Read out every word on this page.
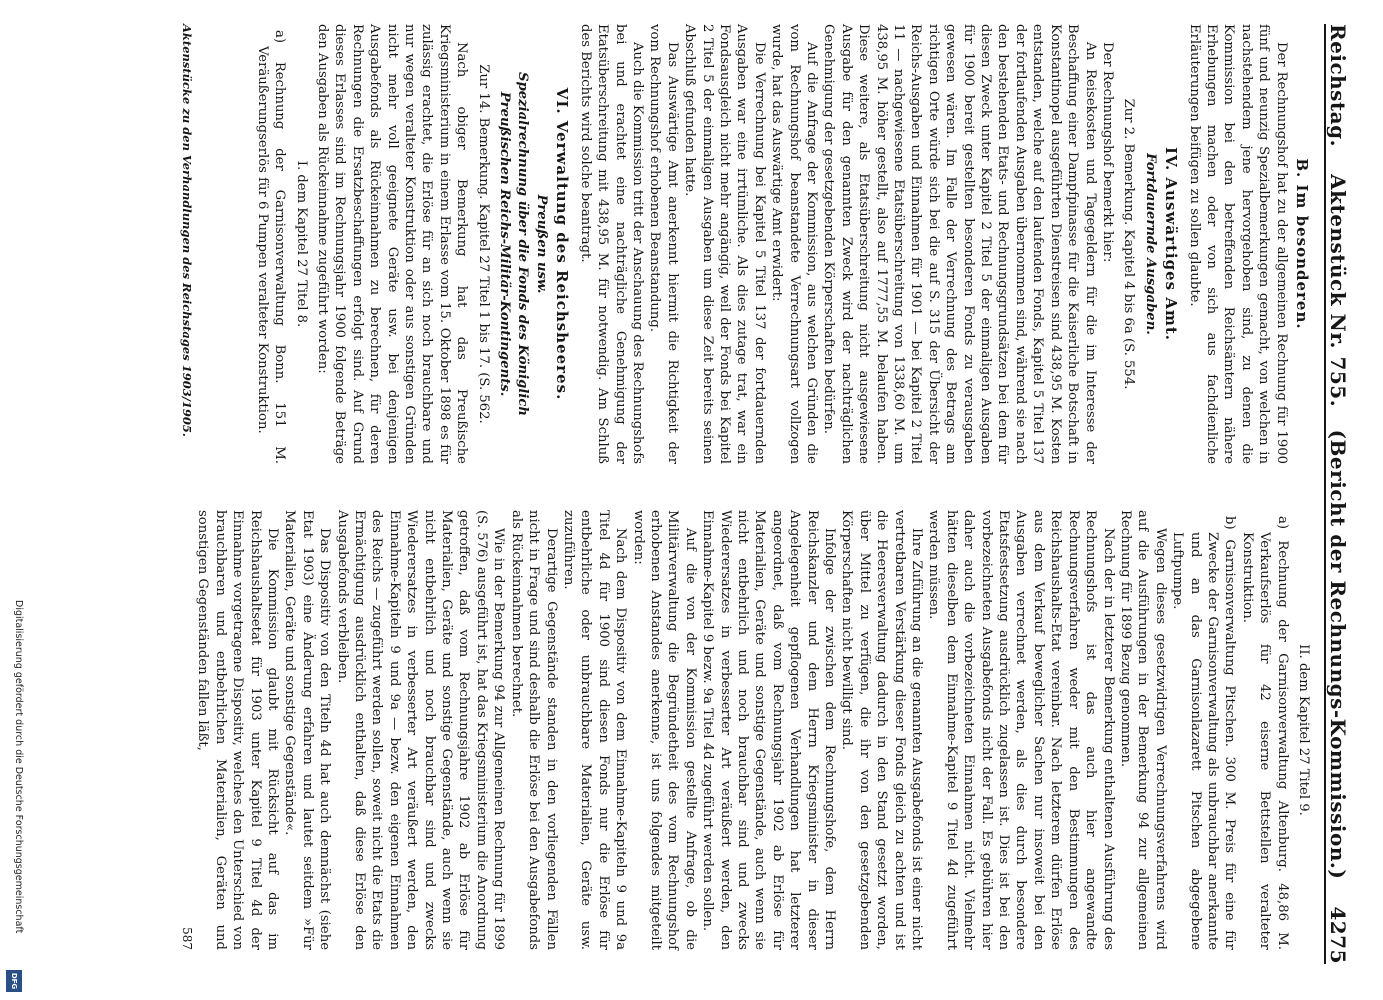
Reichstag.
Aktenstück Nr. 755.   (Bericht der Rechnungs-Kommission.)
4275
B. Im besonderen.

Der Rechnungshof hat zu der allgemeinen Rechnung für 1900 fünf und neunzig Spezialbemerkungen gemacht, von welchen in nachstehendem jene hervorgehoben sind, zu denen die Kommission bei den betreffenden Reichsämtern nähere Erhebungen machen oder von sich aus fachdienliche Erläuterungen beifügen zu sollen glaubte.

IV. Auswärtiges Amt.
Fortdauernde Ausgaben.

Zur 2. Bemerkung. Kapitel 4 bis 6a (S. 554.

Der Rechnungshof bemerkt hier:

An Reisekosten und Tagegeldern für die im Interesse der Beschaffung einer Dampfpinasse für die Kaiserliche Botschaft in Konstantinopel ausgeführten Dienstreisen sind 438,95 M. Kosten entstanden, welche auf den laufenden Fonds, Kapitel 5 Titel 137 der fortlaufenden Ausgaben übernommen sind, während sie nach den bestehenden Etats- und Rechnungsgrundsätzen bei dem für diesen Zweck unter Kapitel 2 Titel 5 der einmaligen Ausgaben für 1900 bereit gestellten besonderen Fonds zu verausgaben gewesen wären. Im Falle der Verrechnung des Betrags am richtigen Orte würde sich bei die auf S. 315 der Übersicht der Reichs-Ausgaben und Einnahmen für 1901 — bei Kapitel 2 Titel 11 — nachgewiesene Etatsüberschreitung von 1338,60 M. um 438,95 M. höher gestellt, also auf 1777,55 M. belaufen haben. Diese weitere, als Etatsüberschreitung nicht ausgewiesene Ausgabe für den genannten Zweck wird der nachträglichen Genehmigung der gesetzgebenden Körperschaften bedürfen.

Auf die Anfrage der Kommission, aus welchen Gründen die vom Rechnungshof beanstandete Verrechnungsart vollzogen wurde, hat das Auswärtige Amt erwidert:

Die Verrechnung bei Kapitel 5 Titel 137 der fortdauernden Ausgaben war eine irrtümliche. Als dies zutage trat, war ein Fondsausgleich nicht mehr angängig, weil der Fonds bei Kapitel 2 Titel 5 der einmaligen Ausgaben um diese Zeit bereits seinen Abschluß gefunden hatte.

Das Auswärtige Amt anerkennt hiermit die Richtigkeit der vom Rechnungshof erhobenen Beanstandung.

Auch die Kommission tritt der Anschauung des Rechnungshofs bei und erachtet eine nachträgliche Genehmigung der Etatsüberschreitung mit 438,95 M. für notwendig. Am Schluß des Berichts wird solche beantragt.

VI. Verwaltung des Reichsheeres.
Preußen usw.
Spezialrechnung über die Fonds des Königlich Preußischen Reichs-Militär-Kontingents.

Zur 14. Bemerkung. Kapitel 27 Titel 1 bis 17. (S. 562.

Nach obiger Bemerkung hat das Preußische Kriegsministerium in einem Erlasse vom 15. Oktober 1898 es für zulässig erachtet, die Erlöse für an sich noch brauchbare und nur wegen veralteter Konstruktion oder aus sonstigen Gründen nicht mehr voll geeignete Geräte usw. bei denjenigen Ausgabefonds als Rückeinnahmen zu berechnen, für deren Rechnungen die Ersatzbeschaffungen erfolgt sind. Auf Grund dieses Erlasses sind im Rechnungsjahr 1900 folgende Beträge den Ausgaben als Rückeinnahme zugeführt worden:

I. dem Kapitel 27 Titel 8.

a) Rechnung der Garnisonverwaltung Bonn. 151 M. Veräußerungserlös für 6 Pumpen veralteter Konstruktion.

II. dem Kapitel 27 Titel 9.

a) Rechnung der Garnisonverwaltung Altenburg. 48,86 M. Verkaufserlös für 42 eiserne Bettstellen veralteter Konstruktion.

b) Garnisonverwaltung Pitschen. 300 M. Preis für eine für Zwecke der Garnisonverwaltung als unbrauchbar anerkannte und an das Garnisonlazarett Pitschen abgegebene Luftpumpe.

Wegen dieses gesetzwidrigen Verrechnungsverfahrens wird auf die Ausführungen in der Bemerkung 94 zur allgemeinen Rechnung für 1899 Bezug genommen.

Nach der in letzterer Bemerkung enthaltenen Ausführung des Rechnungshofs ist das auch hier angewandte Rechnungsverfahren weder mit den Bestimmungen des Reichshaushalts-Etat vereinbar. Nach letzterem dürfen Erlöse aus dem Verkauf beweglicher Sachen nur insoweit bei den Ausgaben verrechnet werden, als dies durch besondere Etatsfestsetzung ausdrücklich zugelassen ist. Dies ist bei den vorbezeichneten Ausgabefonds nicht der Fall. Es gebühren hier daher auch die vorbezeichneten Einnahmen nicht. Vielmehr hätten dieselben dem Einnahme-Kapitel 9 Titel 4d zugeführt werden müssen.

Ihre Zuführung an die genannten Ausgabefonds ist einer nicht vertretbaren Verstärkung dieser Fonds gleich zu achten und ist die Heeresverwaltung dadurch in den Stand gesetzt worden, über Mittel zu verfügen, die ihr von den gesetzgebenden Körperschaften nicht bewilligt sind.

Infolge der zwischen dem Rechnungshofe, dem Herrn Reichskanzler und dem Herrn Kriegsminister in dieser Angelegenheit gepflogenen Verhandlungen hat letzterer angeordnet, daß vom Rechnungsjahr 1902 ab Erlöse für Materialien, Geräte und sonstige Gegenstände, auch wenn sie nicht entbehrlich und noch brauchbar sind und zwecks Wiederersatzes in verbesserter Art veräußert werden, den Einnahme-Kapitel 9 bezw. 9a Titel 4d zugeführt werden sollen.

Auf die von der Kommission gestellte Anfrage, ob die Militärverwaltung die Begründetheit des vom Rechnungshof erhobenen Anstandes anerkenne, ist uns folgendes mitgeteilt worden:

Nach dem Dispositiv von dem Einnahme-Kapiteln 9 und 9a Titel 4d für 1900 sind diesen Fonds nur die Erlöse für entbehrliche oder unbrauchbare Materialien, Geräte usw. zuzuführen.

Derartige Gegenstände standen in den vorliegenden Fällen nicht in Frage und sind deshalb die Erlöse bei den Ausgabefonds als Rückeinnahmen berechnet.

Wie in der Bemerkung 94 zur Allgemeinen Rechnung für 1899 (S. 576) ausgeführt ist, hat das Kriegsministerium die Anordnung getroffen, daß vom Rechnungsjahre 1902 ab Erlöse für Materialien, Geräte und sonstige Gegenstände, auch wenn sie nicht entbehrlich und noch brauchbar sind und zwecks Wiederersatzes in verbesserter Art veräußert werden, den Einnahme-Kapiteln 9 und 9a — bezw. den eigenen Einnahmen des Reichs — zugeführt werden sollen, soweit nicht die Etats die Ermächtigung ausdrücklich enthalten, daß diese Erlöse den Ausgabefonds verbleiben.

Das Dispositiv von den Titeln 4d hat auch demnächst (siehe Etat 1903) eine Änderung erfahren und lautet seitdem »Für Materialien, Geräte und sonstige Gegenstände«.

Die Kommission glaubt mit Rücksicht auf das im Reichshaushaltsetat für 1903 unter Kapitel 9 Titel 4d der Einnahme vorgetragene Dispositiv, welches den Unterschied von brauchbaren und entbehrlichen Materialien, Geräten und sonstigen Gegenständen fallen läßt,

Aktenstücke zu den Verhandlungen des Reichstages 1903/1905.
587
Digitalisierung gefördert durch die Deutsche Forschungsgemeinschaft
DFG
